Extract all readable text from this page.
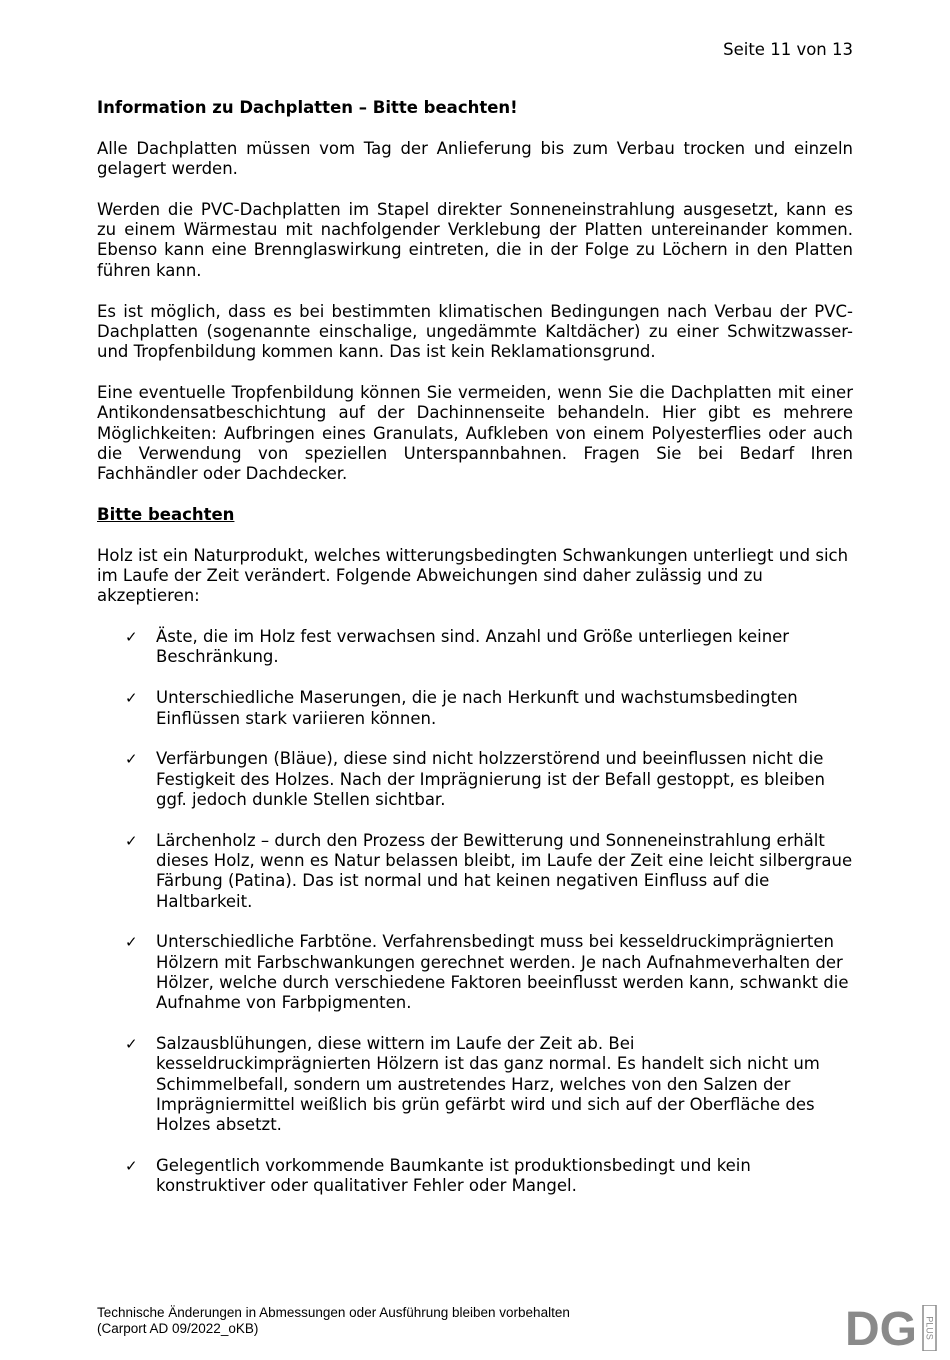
Seite 11 von 13
Information zu Dachplatten – Bitte beachten!

Alle Dachplatten müssen vom Tag der Anlieferung bis zum Verbau trocken und einzeln gelagert werden.

Werden die PVC-Dachplatten im Stapel direkter Sonneneinstrahlung ausgesetzt, kann es zu einem Wärmestau mit nachfolgender Verklebung der Platten untereinander kommen. Ebenso kann eine Brennglaswirkung eintreten, die in der Folge zu Löchern in den Platten führen kann.

Es ist möglich, dass es bei bestimmten klimatischen Bedingungen nach Verbau der PVC-Dachplatten (sogenannte einschalige, ungedämmte Kaltdächer) zu einer Schwitzwasser- und Tropfenbildung kommen kann. Das ist kein Reklamationsgrund.

Eine eventuelle Tropfenbildung können Sie vermeiden, wenn Sie die Dachplatten mit einer Antikondensatbeschichtung auf der Dachinnenseite behandeln. Hier gibt es mehrere Möglichkeiten: Aufbringen eines Granulats, Aufkleben von einem Polyesterflies oder auch die Verwendung von speziellen Unterspannbahnen. Fragen Sie bei Bedarf Ihren Fachhändler oder Dachdecker.

Bitte beachten

Holz ist ein Naturprodukt, welches witterungsbedingten Schwankungen unterliegt und sich im Laufe der Zeit verändert. Folgende Abweichungen sind daher zulässig und zu akzeptieren:

✓ Äste, die im Holz fest verwachsen sind. Anzahl und Größe unterliegen keiner Beschränkung.
✓ Unterschiedliche Maserungen, die je nach Herkunft und wachstumsbedingten Einflüssen stark variieren können.
✓ Verfärbungen (Bläue), diese sind nicht holzzerstörend und beeinflussen nicht die Festigkeit des Holzes. Nach der Imprägnierung ist der Befall gestoppt, es bleiben ggf. jedoch dunkle Stellen sichtbar.
✓ Lärchenholz – durch den Prozess der Bewitterung und Sonneneinstrahlung erhält dieses Holz, wenn es Natur belassen bleibt, im Laufe der Zeit eine leicht silbergraue Färbung (Patina). Das ist normal und hat keinen negativen Einfluss auf die Haltbarkeit.
✓ Unterschiedliche Farbtöne. Verfahrensbedingt muss bei kesseldruckimprägnierten Hölzern mit Farbschwankungen gerechnet werden. Je nach Aufnahmeverhalten der Hölzer, welche durch verschiedene Faktoren beeinflusst werden kann, schwankt die Aufnahme von Farbpigmenten.
✓ Salzausblühungen, diese wittern im Laufe der Zeit ab. Bei kesseldruckimprägnierten Hölzern ist das ganz normal. Es handelt sich nicht um Schimmelbefall, sondern um austretendes Harz, welches von den Salzen der Imprägniermittel weißlich bis grün gefärbt wird und sich auf der Oberfläche des Holzes absetzt.
✓ Gelegentlich vorkommende Baumkante ist produktionsbedingt und kein konstruktiver oder qualitativer Fehler oder Mangel.
Technische Änderungen in Abmessungen oder Ausführung bleiben vorbehalten
(Carport AD 09/2022_oKB)	DG PLUS
